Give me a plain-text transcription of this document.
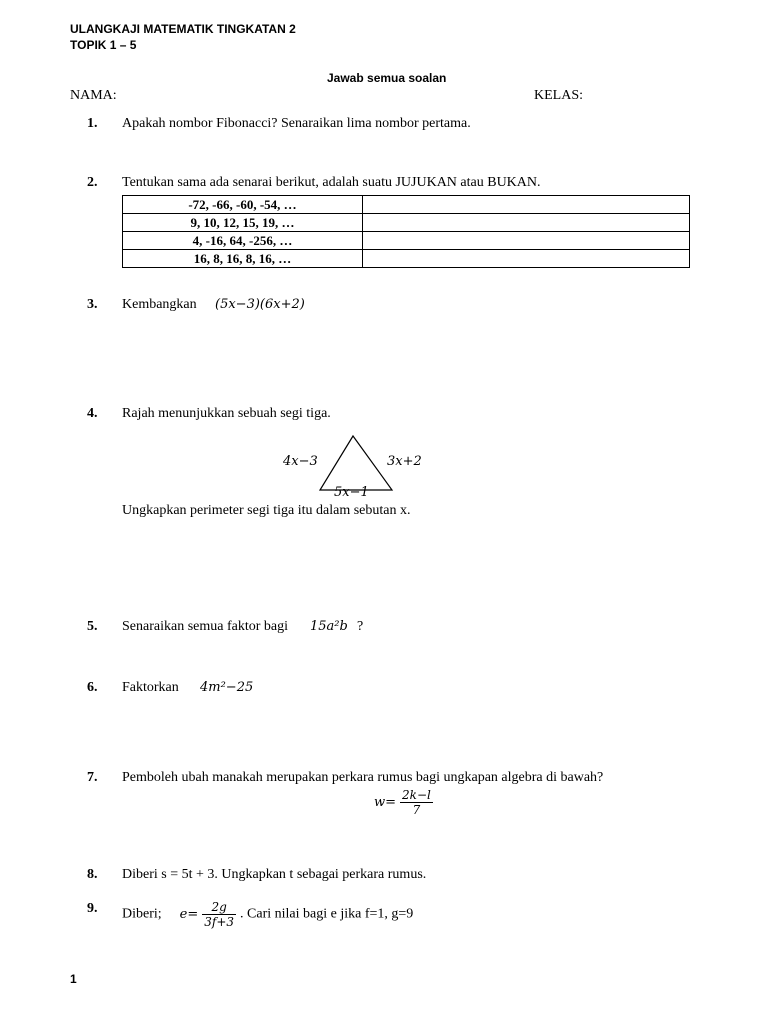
ULANGKAJI MATEMATIK TINGKATAN 2
TOPIK 1 – 5
Jawab semua soalan
NAMA:	KELAS:
1. Apakah nombor Fibonacci? Senaraikan lima nombor pertama.
2. Tentukan sama ada senarai berikut, adalah suatu JUJUKAN atau BUKAN.
-72, -66, -60, -54, …	
9, 10, 12, 15, 19, …	
4, -16, 64, -256, …	
16, 8, 16, 8, 16, …	
3. Kembangkan (5x−3)(6x+2)
4. Rajah menunjukkan sebuah segi tiga.
4x−3	3x+2
5x−1
Ungkapkan perimeter segi tiga itu dalam sebutan x.
5. Senaraikan semua faktor bagi 15a²b ?
6. Faktorkan 4m²−25
7. Pemboleh ubah manakah merupakan perkara rumus bagi ungkapan algebra di bawah?
$w= \frac{2k-l}{7}$
8. Diberi s = 5t + 3. Ungkapkan t sebagai perkara rumus.
9. Diberi; $e= \frac{2g}{3f+3}$ . Cari nilai bagi e jika f=1, g=9
1
